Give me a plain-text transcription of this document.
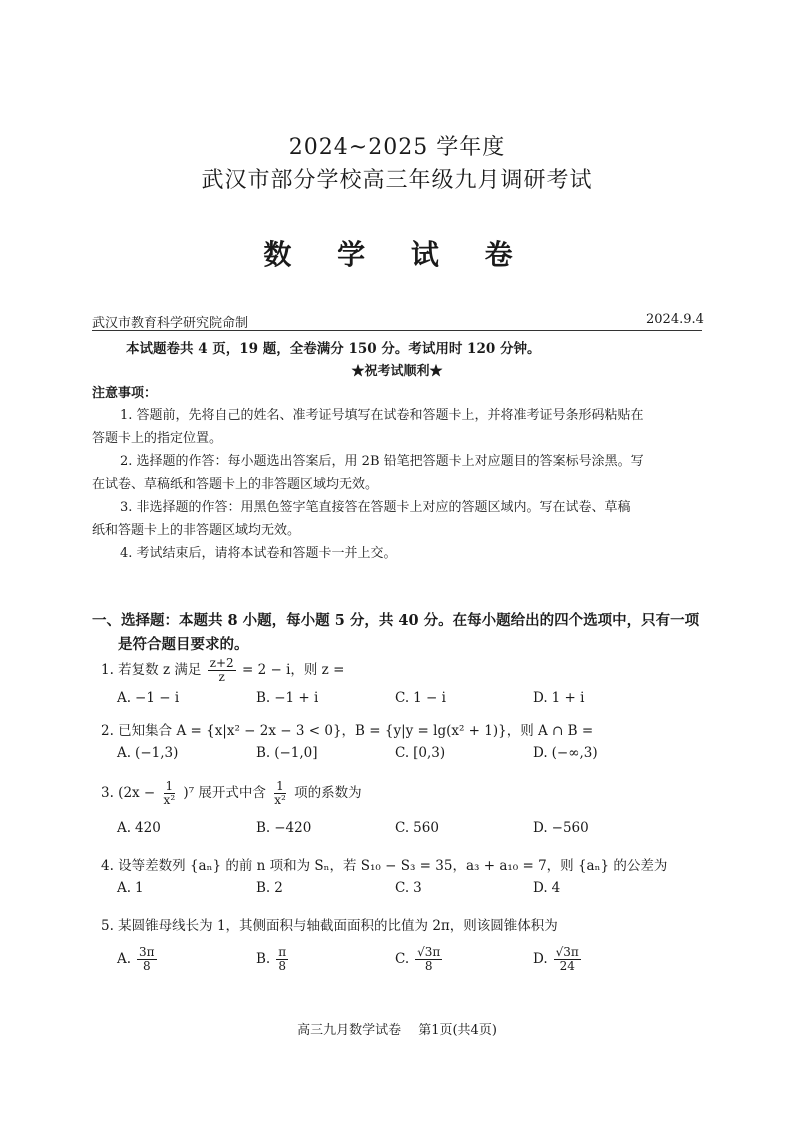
2024~2025 学年度
武汉市部分学校高三年级九月调研考试
数 学 试 卷
武汉市教育科学研究院命制	2024.9.4
本试题卷共 4 页，19 题，全卷满分 150 分。考试用时 120 分钟。
★祝考试顺利★
注意事项：
1. 答题前，先将自己的姓名、准考证号填写在试卷和答题卡上，并将准考证号条形码粘贴在
答题卡上的指定位置。
2. 选择题的作答：每小题选出答案后，用 2B 铅笔把答题卡上对应题目的答案标号涂黑。写
在试卷、草稿纸和答题卡上的非答题区域均无效。
3. 非选择题的作答：用黑色签字笔直接答在答题卡上对应的答题区域内。写在试卷、草稿
纸和答题卡上的非答题区域均无效。
4. 考试结束后，请将本试卷和答题卡一并上交。
一、选择题：本题共 8 小题，每小题 5 分，共 40 分。在每小题给出的四个选项中，只有一项
是符合题目要求的。
1. 若复数 z 满足 $\frac{z+2}{z} = 2 - i$，则 z =
A. −1 − i	B. −1 + i	C. 1 − i	D. 1 + i
2. 已知集合 A = {x|x² − 2x − 3 < 0}，B = {y|y = lg(x² + 1)}，则 A ∩ B =
A. (−1,3)	B. (−1,0]	C. [0,3)	D. (−∞,3)
3. $(2x - \frac{1}{\text{x²}} )^7$ 展开式中含 $\frac{1}{\text{x²}}$ 项的系数为
A. 420	B. −420	C. 560	D. −560
4. 设等差数列 {aₙ} 的前 n 项和为 Sₙ，若 S₁₀ − S₃ = 35，a₃ + a₁₀ = 7，则 {aₙ} 的公差为
A. 1	B. 2	C. 3	D. 4
5. 某圆锥母线长为 1，其侧面积与轴截面面积的比值为 2π，则该圆锥体积为
A. $\frac{3\pi}{8}$	B. $\frac{\pi}{8}$	C. $\frac{√3\pi}{8}$	D. $\frac{√3\pi}{24}$
高三九月数学试卷　 第1页(共4页)
